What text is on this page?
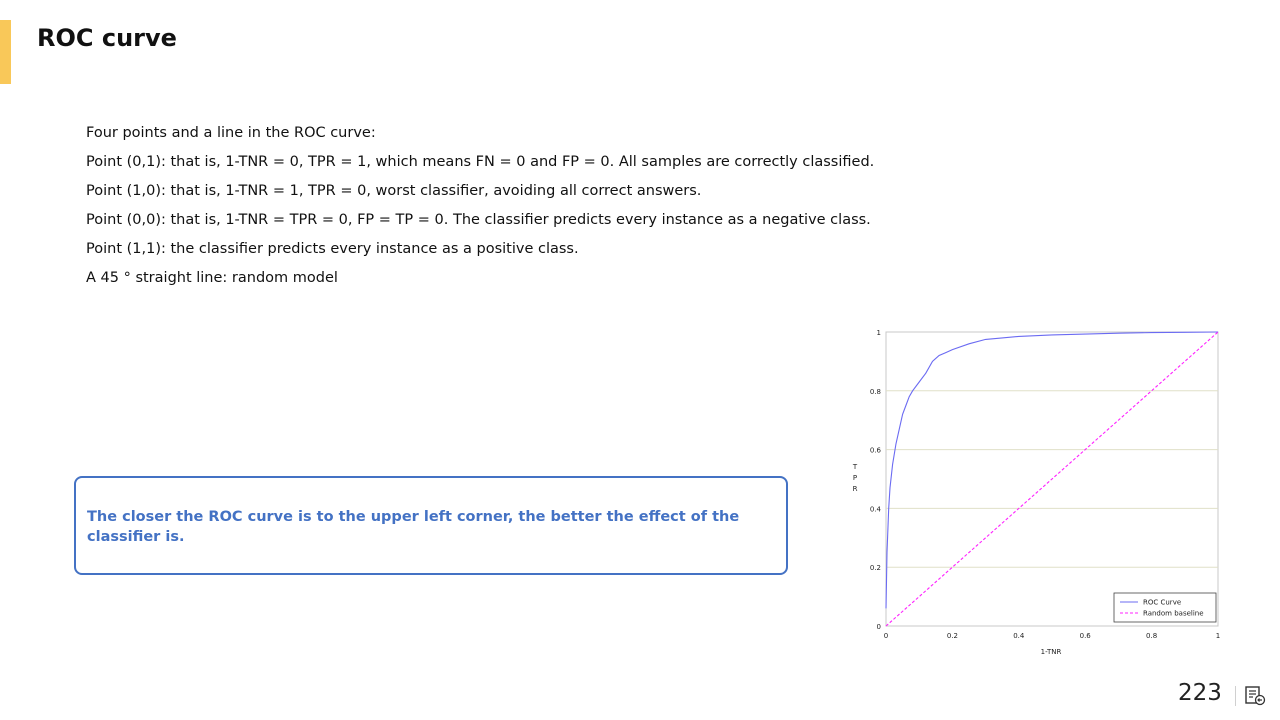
ROC curve
Four points and a line in the ROC curve:
Point (0,1): that is, 1-TNR = 0, TPR = 1, which means FN = 0 and FP = 0. All samples are correctly classified.
Point (1,0): that is, 1-TNR = 1, TPR = 0, worst classifier, avoiding all correct answers.
Point (0,0): that is, 1-TNR = TPR = 0, FP = TP = 0. The classifier predicts every instance as a negative class.
Point (1,1): the classifier predicts every instance as a positive class.
A 45 ° straight line: random model
The closer the ROC curve is to the upper left corner, the better the effect of the classifier is.
0
0.2
0.4
0.6
0.8
1
0	0.2	0.4	0.6	0.8	1
1-TNR
T
P
R
ROC Curve
Random baseline
223
